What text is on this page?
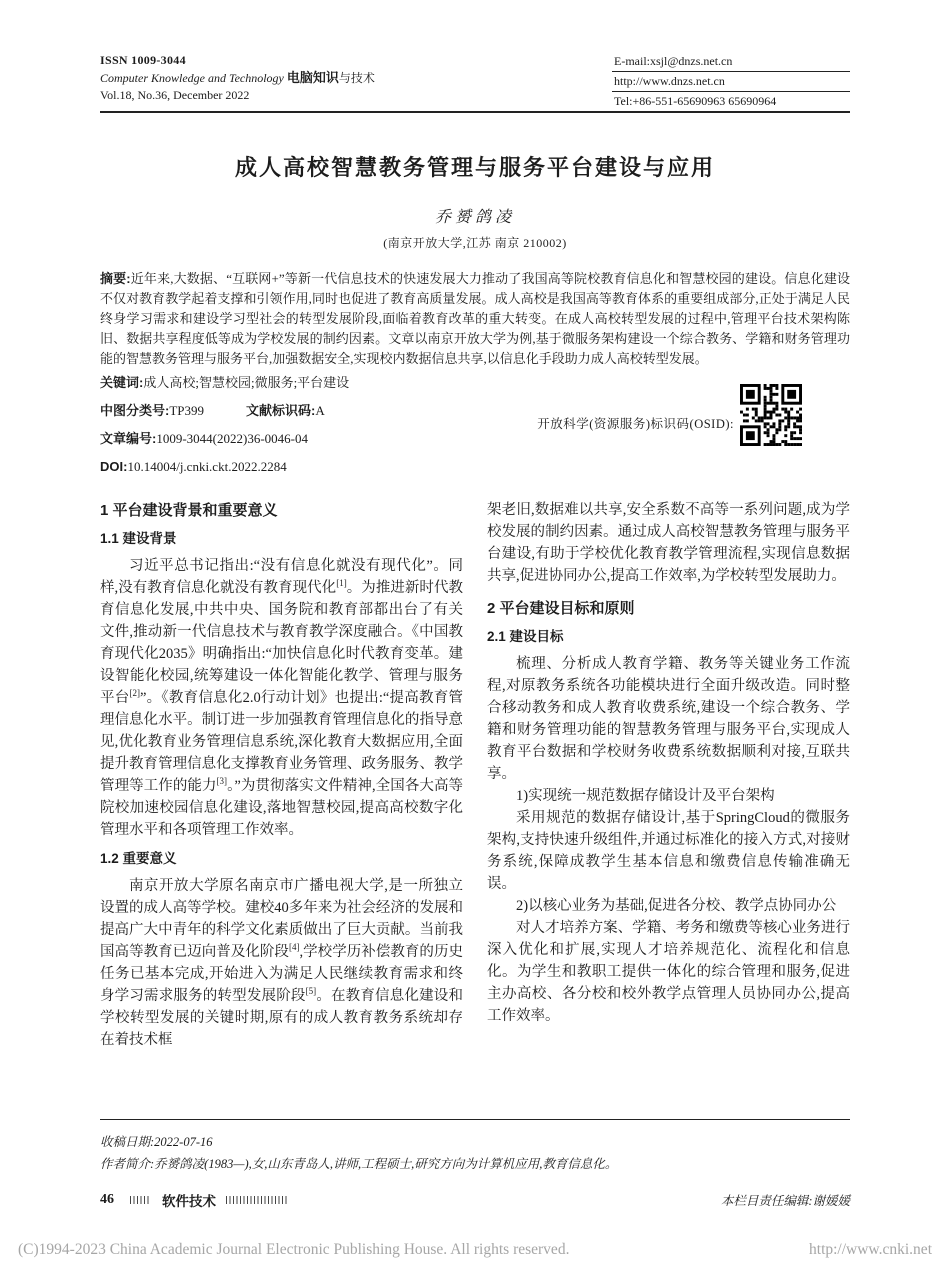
ISSN 1009-3044
Computer Knowledge and Technology 电脑知识与技术
Vol.18, No.36, December 2022
E-mail:xsjl@dnzs.net.cn
http://www.dnzs.net.cn
Tel:+86-551-65690963 65690964
成人高校智慧教务管理与服务平台建设与应用
乔赟鸽凌
(南京开放大学,江苏 南京 210002)
摘要:近年来,大数据、“互联网+”等新一代信息技术的快速发展大力推动了我国高等院校教育信息化和智慧校园的建设。信息化建设不仅对教育教学起着支撑和引领作用,同时也促进了教育高质量发展。成人高校是我国高等教育体系的重要组成部分,正处于满足人民终身学习需求和建设学习型社会的转型发展阶段,面临着教育改革的重大转变。在成人高校转型发展的过程中,管理平台技术架构陈旧、数据共享程度低等成为学校发展的制约因素。文章以南京开放大学为例,基于微服务架构建设一个综合教务、学籍和财务管理功能的智慧教务管理与服务平台,加强数据安全,实现校内数据信息共享,以信息化手段助力成人高校转型发展。
关键词:成人高校;智慧校园;微服务;平台建设
中图分类号:TP399	文献标识码:A
文章编号:1009-3044(2022)36-0046-04
DOI:10.14004/j.cnki.ckt.2022.2284
1 平台建设背景和重要意义
1.1 建设背景

习近平总书记指出:“没有信息化就没有现代化”。同样,没有教育信息化就没有教育现代化[1]。为推进新时代教育信息化发展,中共中央、国务院和教育部都出台了有关文件,推动新一代信息技术与教育教学深度融合。《中国教育现代化2035》明确指出:“加快信息化时代教育变革。建设智能化校园,统筹建设一体化智能化教学、管理与服务平台[2]”。《教育信息化2.0行动计划》也提出:“提高教育管理信息化水平。制订进一步加强教育管理信息化的指导意见,优化教育业务管理信息系统,深化教育大数据应用,全面提升教育管理信息化支撑教育业务管理、政务服务、教学管理等工作的能力[3]。”为贯彻落实文件精神,全国各大高等院校加速校园信息化建设,落地智慧校园,提高高校数字化管理水平和各项管理工作效率。

1.2 重要意义

南京开放大学原名南京市广播电视大学,是一所独立设置的成人高等学校。建校40多年来为社会经济的发展和提高广大中青年的科学文化素质做出了巨大贡献。当前我国高等教育已迈向普及化阶段[4],学校学历补偿教育的历史任务已基本完成,开始进入为满足人民继续教育需求和终身学习需求服务的转型发展阶段[5]。在教育信息化建设和学校转型发展的关键时期,原有的成人教育教务系统却存在着技术框

架老旧,数据难以共享,安全系数不高等一系列问题,成为学校发展的制约因素。通过成人高校智慧教务管理与服务平台建设,有助于学校优化教育教学管理流程,实现信息数据共享,促进协同办公,提高工作效率,为学校转型发展助力。

2 平台建设目标和原则
2.1 建设目标

梳理、分析成人教育学籍、教务等关键业务工作流程,对原教务系统各功能模块进行全面升级改造。同时整合移动教务和成人教育收费系统,建设一个综合教务、学籍和财务管理功能的智慧教务管理与服务平台,实现成人教育平台数据和学校财务收费系统数据顺利对接,互联共享。

1)实现统一规范数据存储设计及平台架构

采用规范的数据存储设计,基于SpringCloud的微服务架构,支持快速升级组件,并通过标准化的接入方式,对接财务系统,保障成教学生基本信息和缴费信息传输准确无误。

2)以核心业务为基础,促进各分校、教学点协同办公

对人才培养方案、学籍、考务和缴费等核心业务进行深入优化和扩展,实现人才培养规范化、流程化和信息化。为学生和教职工提供一体化的综合管理和服务,促进主办高校、各分校和校外教学点管理人员协同办公,提高工作效率。

收稿日期:2022-07-16
作者简介:乔赟鸽凌(1983—),女,山东青岛人,讲师,工程硕士,研究方向为计算机应用,教育信息化。
46	软件技术	本栏目责任编辑:谢媛媛
开放科学(资源服务)标识码(OSID):
(C)1994-2023 China Academic Journal Electronic Publishing House. All rights reserved.	http://www.cnki.net
